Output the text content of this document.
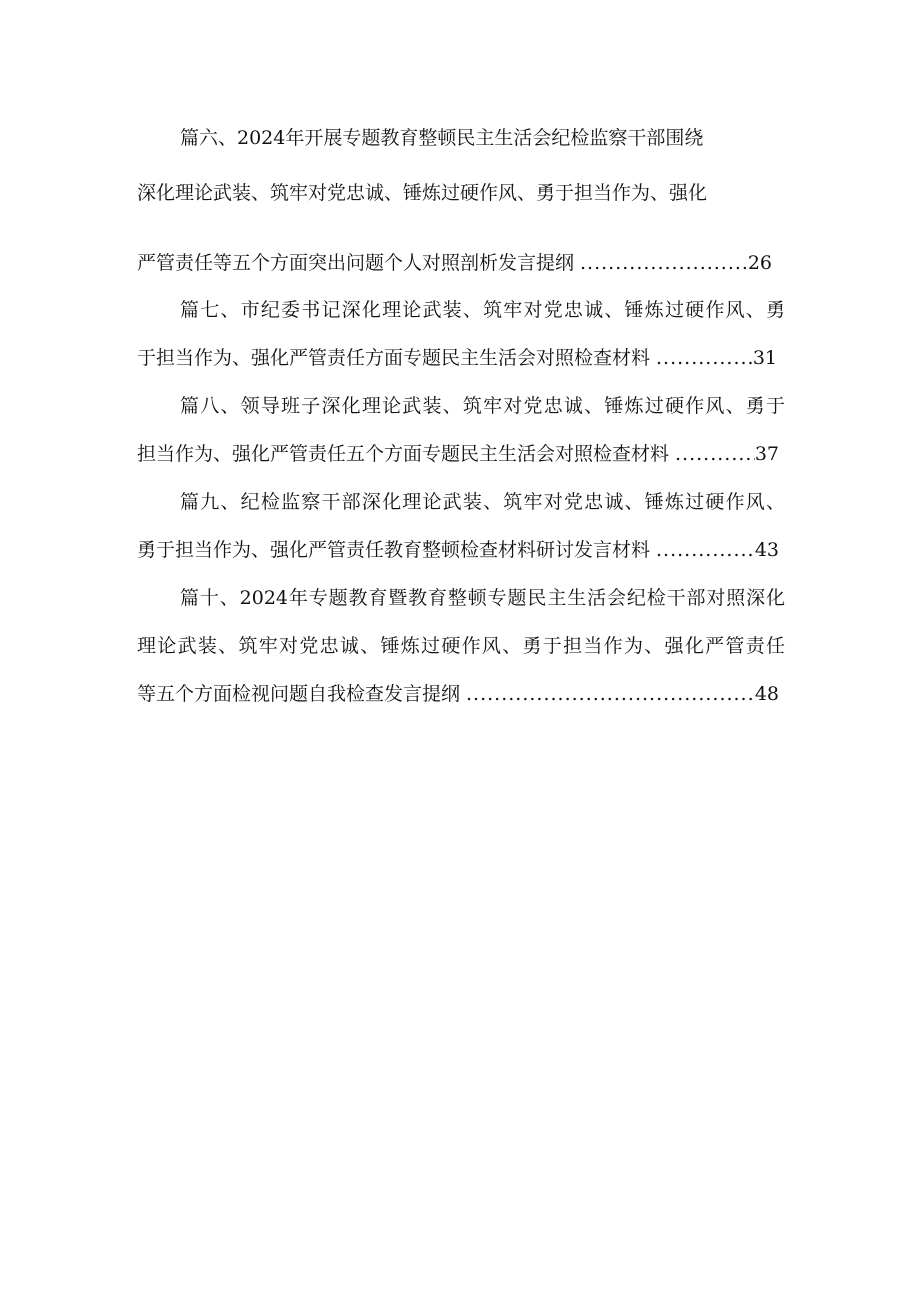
篇六、2024年开展专题教育整顿民主生活会纪检监察干部围绕
深化理论武装、筑牢对党忠诚、锤炼过硬作风、勇于担当作为、强化
严管责任等五个方面突出问题个人对照剖析发言提纲 .....	26
篇七、市纪委书记深化理论武装、筑牢对党忠诚、锤炼过硬作风、勇
于担当作为、强化严管责任方面专题民主生活会对照检查材料 .....	31
篇八、领导班子深化理论武装、筑牢对党忠诚、锤炼过硬作风、勇于
担当作为、强化严管责任五个方面专题民主生活会对照检查材料 .....	37
篇九、纪检监察干部深化理论武装、筑牢对党忠诚、锤炼过硬作风、
勇于担当作为、强化严管责任教育整顿检查材料研讨发言材料 .....	43
篇十、2024年专题教育暨教育整顿专题民主生活会纪检干部对照深化
理论武装、筑牢对党忠诚、锤炼过硬作风、勇于担当作为、强化严管责任
等五个方面检视问题自我检查发言提纲 .....	48
